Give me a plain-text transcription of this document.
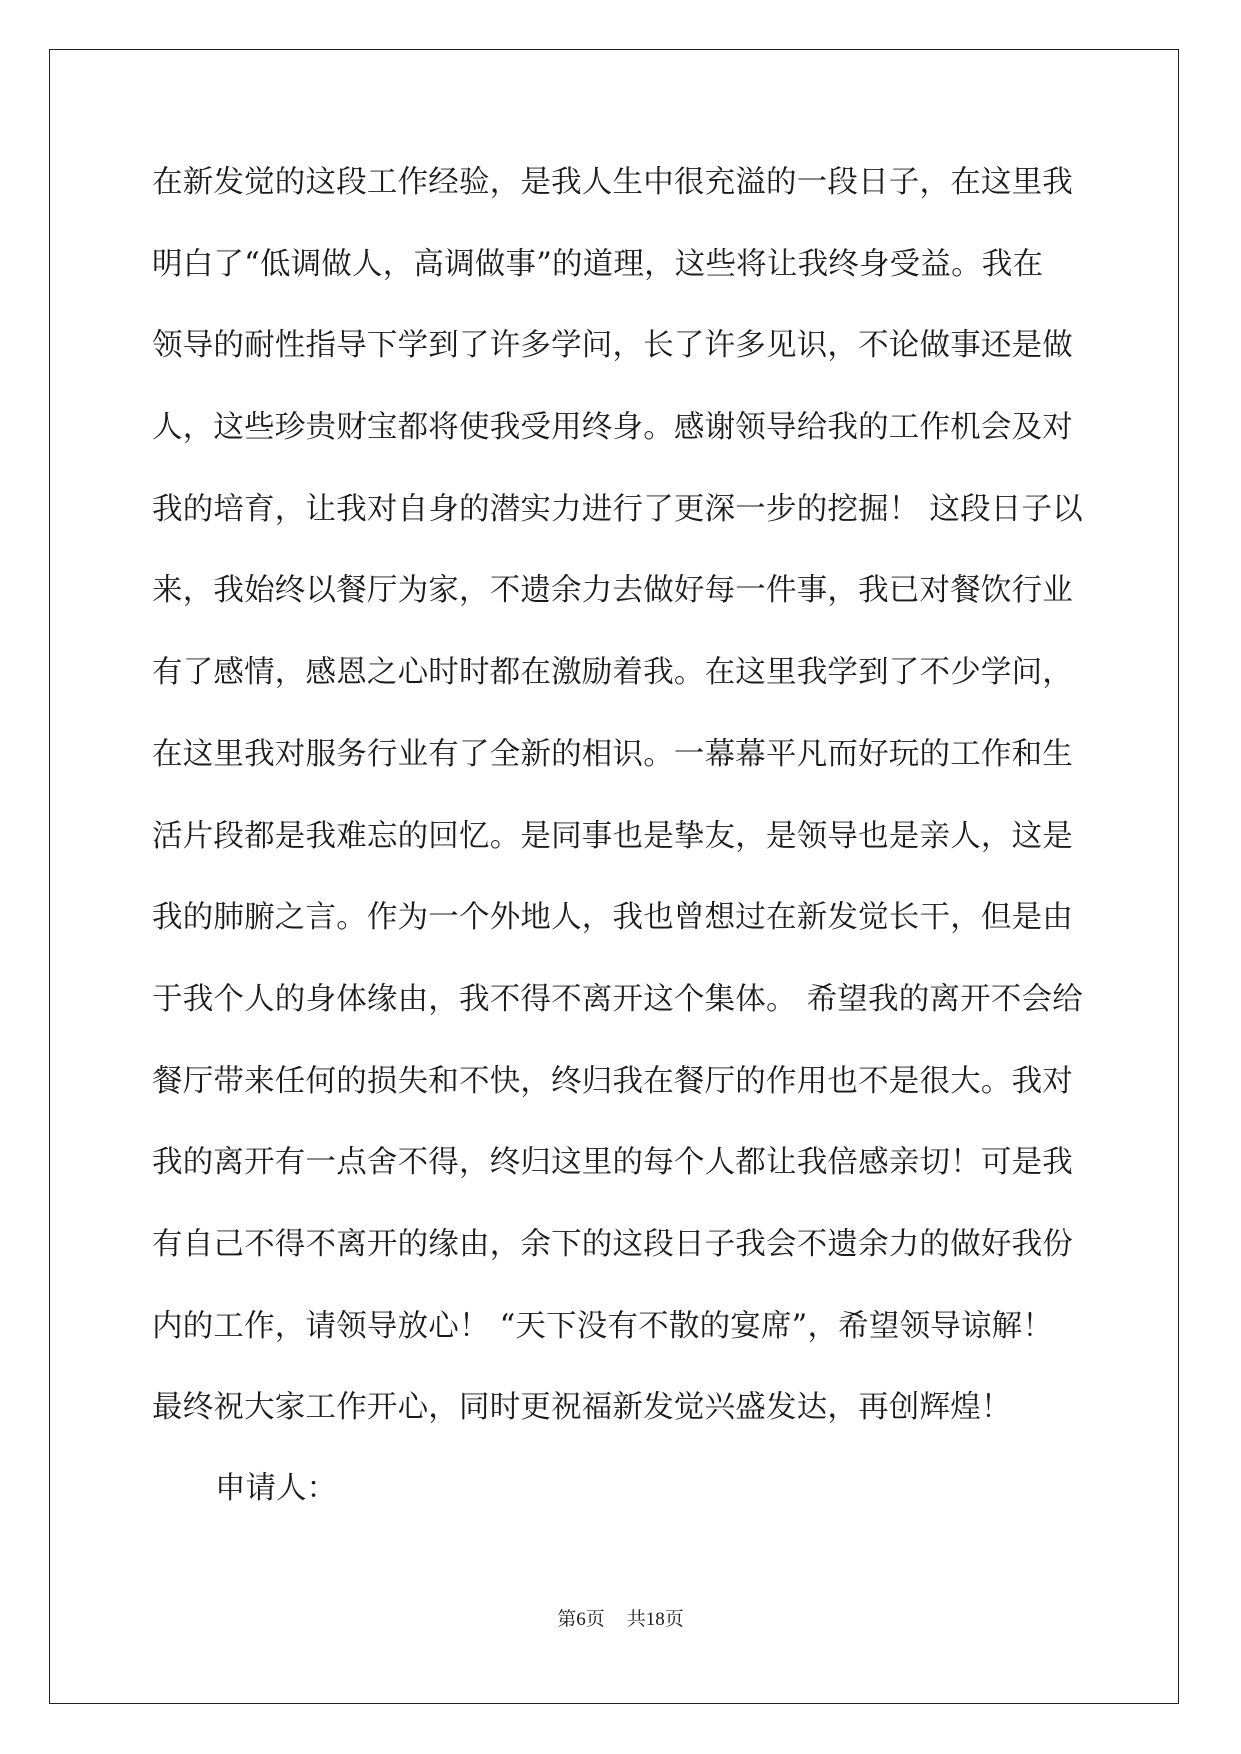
在新发觉的这段工作经验，是我人生中很充溢的一段日子，在这里我
明白了“低调做人，高调做事”的道理，这些将让我终身受益。我在
领导的耐性指导下学到了许多学问，长了许多见识，不论做事还是做
人，这些珍贵财宝都将使我受用终身。感谢领导给我的工作机会及对
我的培育，让我对自身的潜实力进行了更深一步的挖掘！ 这段日子以
来，我始终以餐厅为家，不遗余力去做好每一件事，我已对餐饮行业
有了感情，感恩之心时时都在激励着我。在这里我学到了不少学问，
在这里我对服务行业有了全新的相识。一幕幕平凡而好玩的工作和生
活片段都是我难忘的回忆。是同事也是挚友，是领导也是亲人，这是
我的肺腑之言。作为一个外地人，我也曾想过在新发觉长干，但是由
于我个人的身体缘由，我不得不离开这个集体。 希望我的离开不会给
餐厅带来任何的损失和不快，终归我在餐厅的作用也不是很大。我对
我的离开有一点舍不得，终归这里的每个人都让我倍感亲切！可是我
有自己不得不离开的缘由，余下的这段日子我会不遗余力的做好我份
内的工作，请领导放心！ “天下没有不散的宴席”，希望领导谅解！
最终祝大家工作开心，同时更祝福新发觉兴盛发达，再创辉煌！
申请人：
第6页 共18页
